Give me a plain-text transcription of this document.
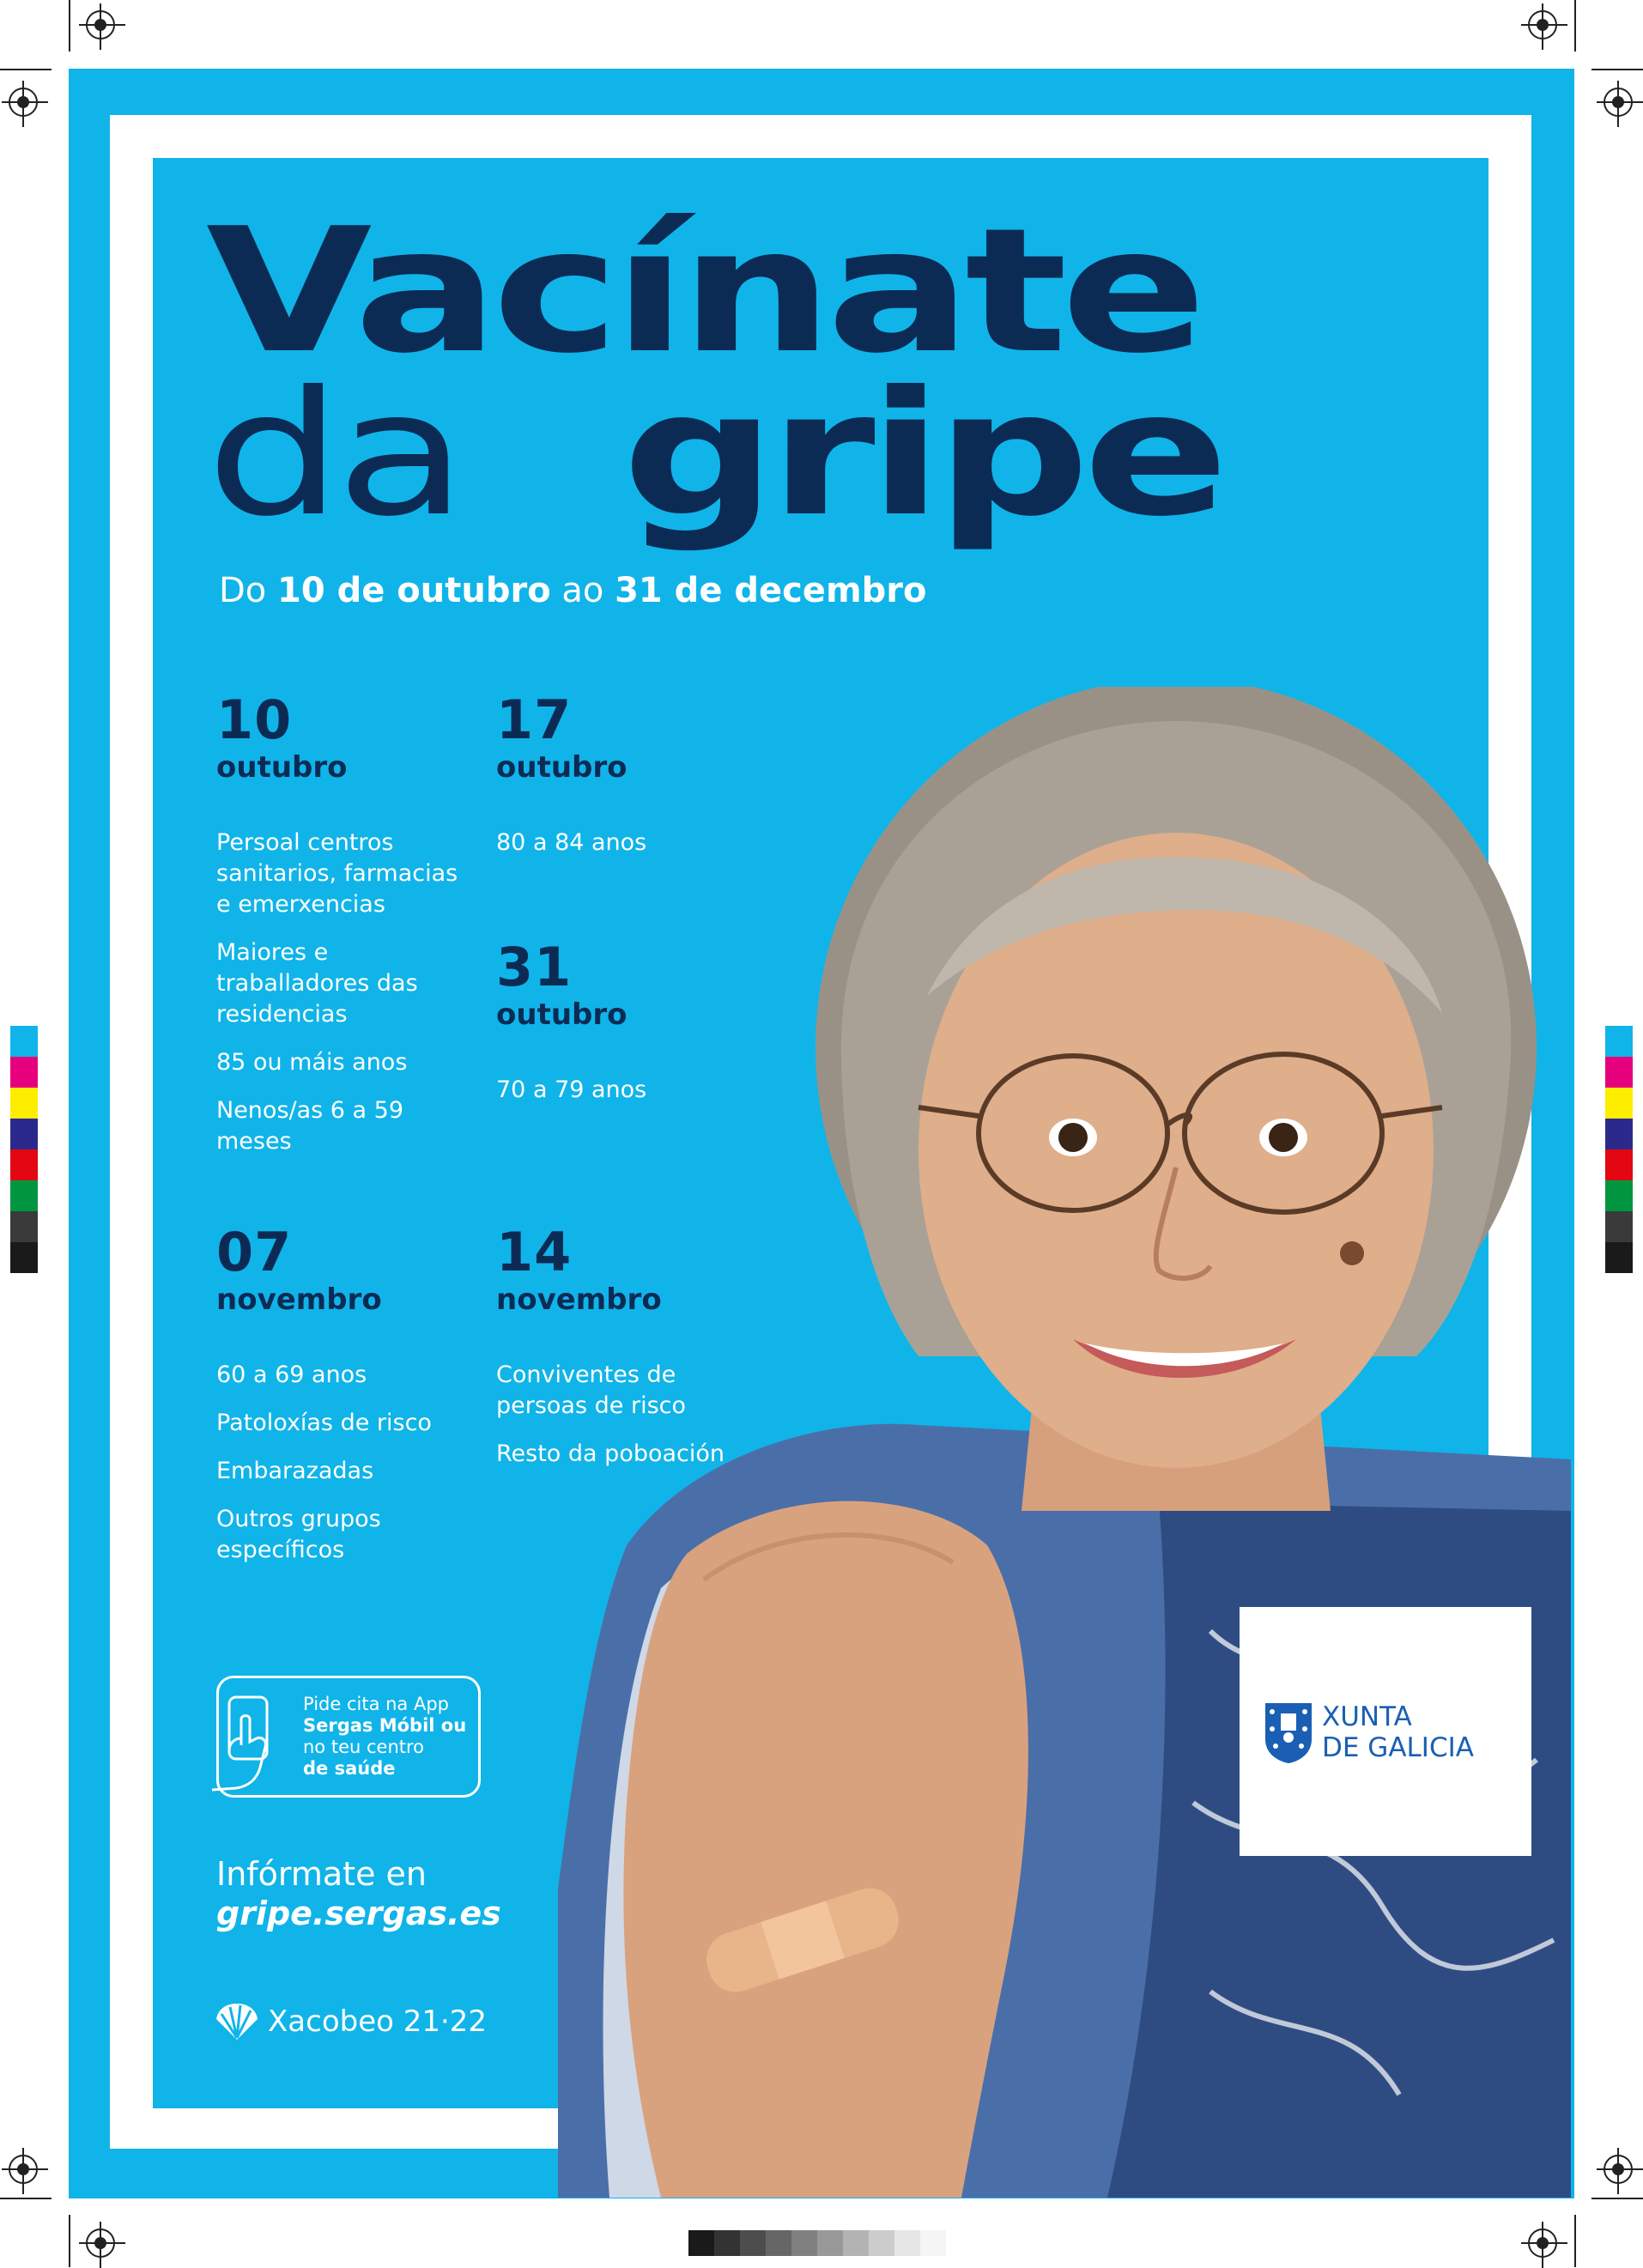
Vacínate
da gripe
Do 10 de outubro ao 31 de decembro
10
outubro

Persoal centros sanitarios, farmacias e emerxencias

Maiores e traballadores das residencias

85 ou máis anos

Nenos/as 6 a 59 meses

17
outubro

80 a 84 anos

31
outubro

70 a 79 anos

07
novembro

60 a 69 anos

Patoloxías de risco

Embarazadas

Outros grupos específicos

14
novembro

Conviventes de persoas de risco

Resto da poboación

Pide cita na App
Sergas Móbil ou
no teu centro
de saúde
Infórmate en
gripe.sergas.es
Xacobeo 21·22
XUNTA
DE GALICIA
